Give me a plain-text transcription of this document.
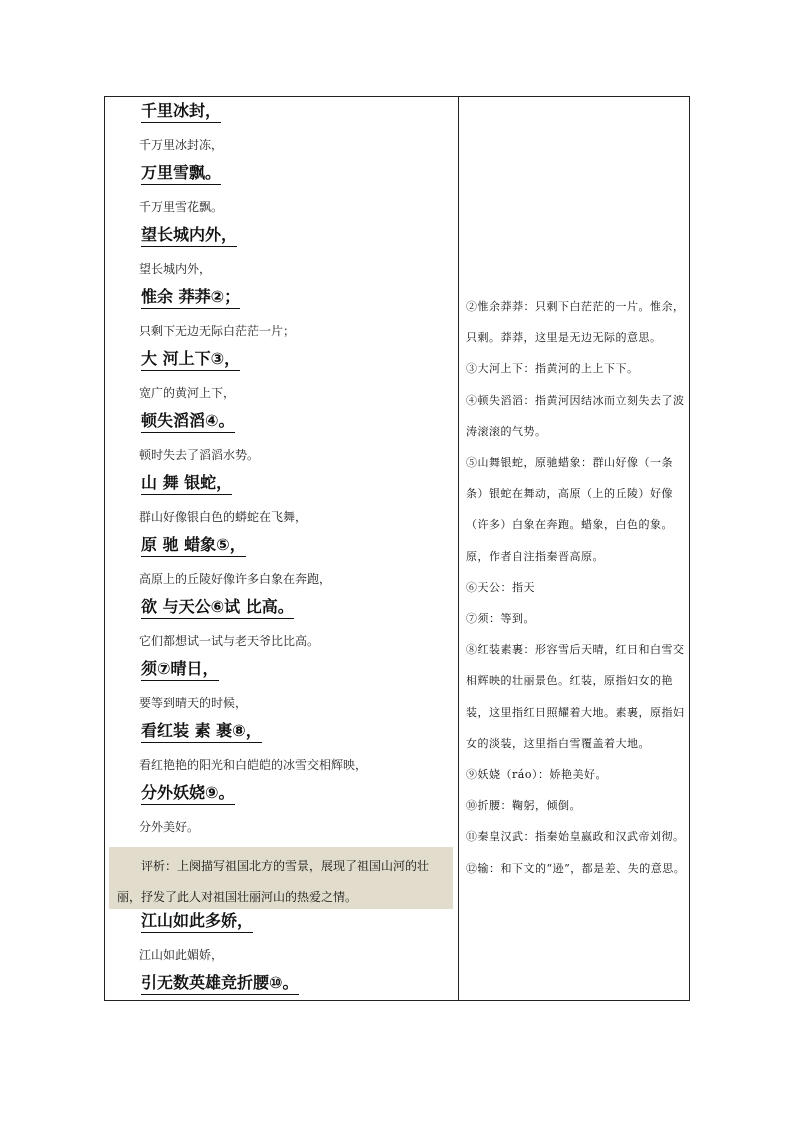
千里冰封，
千万里冰封冻，
万里雪飘。
千万里雪花飘。
望长城内外，
望长城内外，
惟余 莽莽②；
只剩下无边无际白茫茫一片；
大 河上下③，
宽广的黄河上下，
顿失滔滔④。
顿时失去了滔滔水势。
山 舞 银蛇，
群山好像银白色的蟒蛇在飞舞，
原 驰 蜡象⑤，
高原上的丘陵好像许多白象在奔跑，
欲 与天公⑥试 比高。
它们都想试一试与老天爷比比高。
须⑦晴日，
要等到晴天的时候，
看红装 素 裹⑧，
看红艳艳的阳光和白皑皑的冰雪交相辉映，
分外妖娆⑨。
分外美好。
评析：上阕描写祖国北方的雪景，展现了祖国山河的壮丽，抒发了此人对祖国壮丽河山的热爱之情。
江山如此多娇，
江山如此媚娇，
引无数英雄竞折腰⑩。

②惟余莽莽：只剩下白茫茫的一片。惟余，只剩。莽莽，这里是无边无际的意思。

③大河上下：指黄河的上上下下。

④顿失滔滔：指黄河因结冰而立刻失去了波涛滚滚的气势。

⑤山舞银蛇，原驰蜡象：群山好像（一条条）银蛇在舞动，高原（上的丘陵）好像（许多）白象在奔跑。蜡象，白色的象。原，作者自注指秦晋高原。

⑥天公：指天

⑦须：等到。

⑧红装素裹：形容雪后天晴，红日和白雪交相辉映的壮丽景色。红装，原指妇女的艳装，这里指红日照耀着大地。素裹，原指妇女的淡装，这里指白雪覆盖着大地。

⑨妖娆（ráo）：娇艳美好。

⑩折腰：鞠躬，倾倒。

⑪秦皇汉武：指秦始皇嬴政和汉武帝刘彻。

⑫输：和下文的“逊”，都是差、失的意思。
